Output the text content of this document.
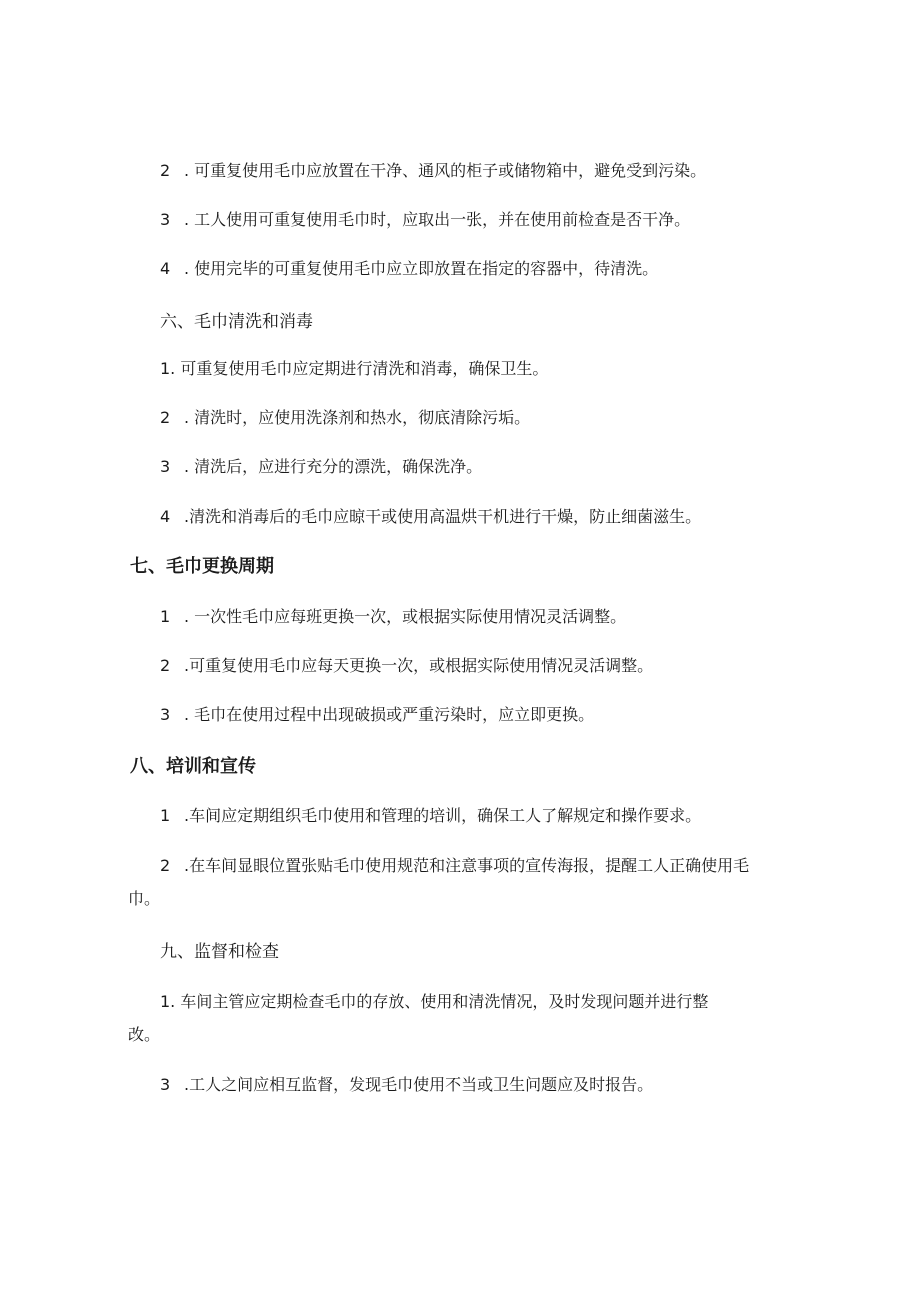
2 . 可重复使用毛巾应放置在干净、通风的柜子或储物箱中，避免受到污染。
3 . 工人使用可重复使用毛巾时，应取出一张，并在使用前检查是否干净。
4 . 使用完毕的可重复使用毛巾应立即放置在指定的容器中，待清洗。
六、毛巾清洗和消毒
1. 可重复使用毛巾应定期进行清洗和消毒，确保卫生。
2 . 清洗时，应使用洗涤剂和热水，彻底清除污垢。
3 . 清洗后，应进行充分的漂洗，确保洗净。
4 .清洗和消毒后的毛巾应晾干或使用高温烘干机进行干燥，防止细菌滋生。
七、毛巾更换周期
1 . 一次性毛巾应每班更换一次，或根据实际使用情况灵活调整。
2 .可重复使用毛巾应每天更换一次，或根据实际使用情况灵活调整。
3 . 毛巾在使用过程中出现破损或严重污染时，应立即更换。
八、培训和宣传
1 .车间应定期组织毛巾使用和管理的培训，确保工人了解规定和操作要求。
2 .在车间显眼位置张贴毛巾使用规范和注意事项的宣传海报，提醒工人正确使用毛
巾。
九、监督和检查
1. 车间主管应定期检查毛巾的存放、使用和清洗情况，及时发现问题并进行整
改。
3 .工人之间应相互监督，发现毛巾使用不当或卫生问题应及时报告。
